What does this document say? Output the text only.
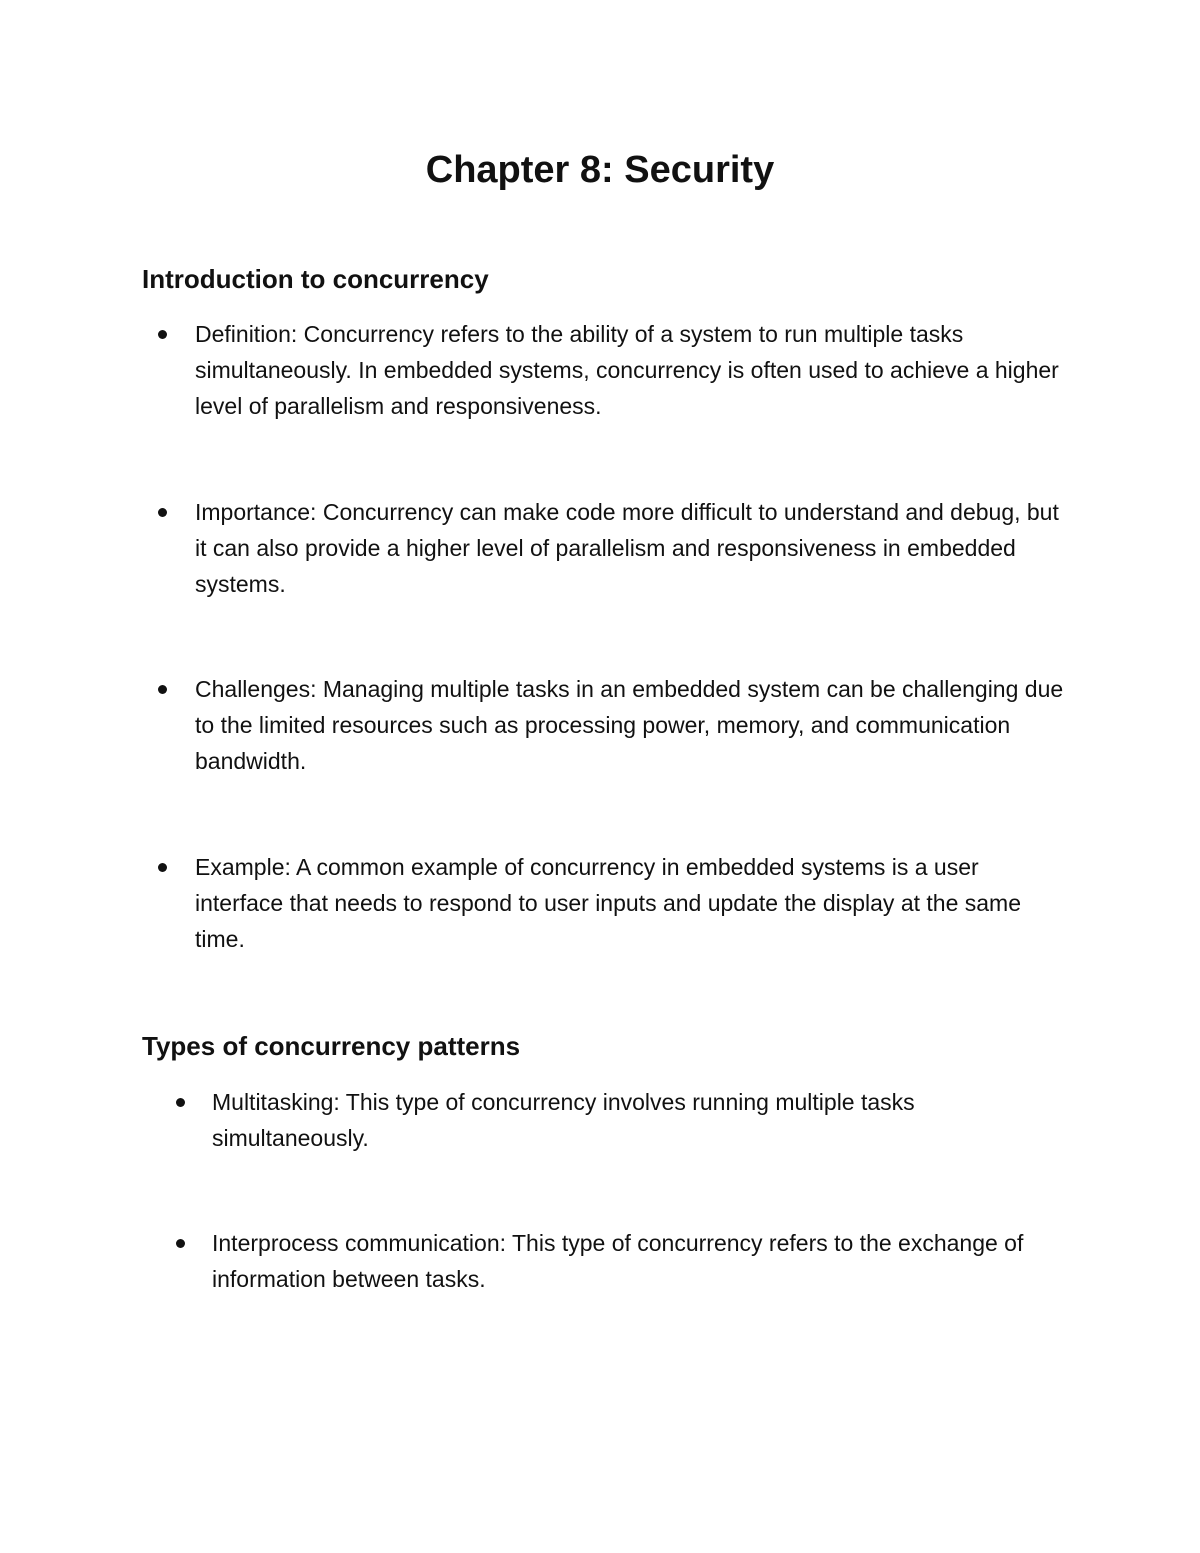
Chapter 8: Security
Introduction to concurrency
Definition: Concurrency refers to the ability of a system to run multiple tasks simultaneously. In embedded systems, concurrency is often used to achieve a higher level of parallelism and responsiveness.
Importance: Concurrency can make code more difficult to understand and debug, but it can also provide a higher level of parallelism and responsiveness in embedded systems.
Challenges: Managing multiple tasks in an embedded system can be challenging due to the limited resources such as processing power, memory, and communication bandwidth.
Example: A common example of concurrency in embedded systems is a user interface that needs to respond to user inputs and update the display at the same time.
Types of concurrency patterns
Multitasking: This type of concurrency involves running multiple tasks simultaneously.
Interprocess communication: This type of concurrency refers to the exchange of information between tasks.
